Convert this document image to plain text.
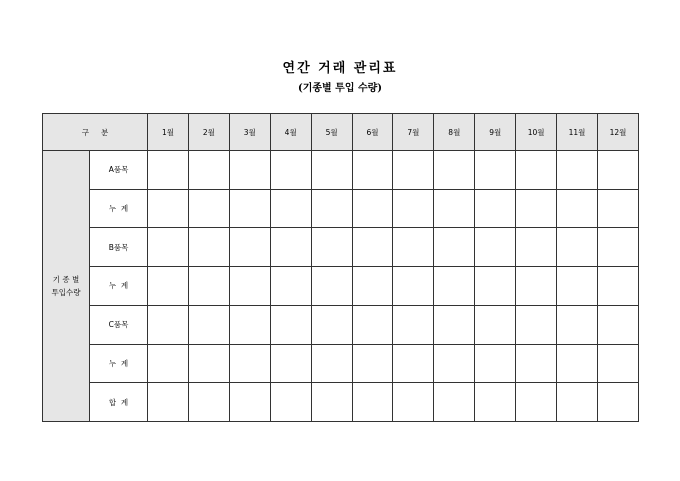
연간 거래 관리표
(기종별 투입 수량)
구     분		1월	2월	3월	4월	5월	6월	7월	8월	9월	10월	11월	12월

기 종 별
투입수량	A품목												
	누  계												
	B품목												
	누  계												
	C품목												
	누  계												
	합  계												
